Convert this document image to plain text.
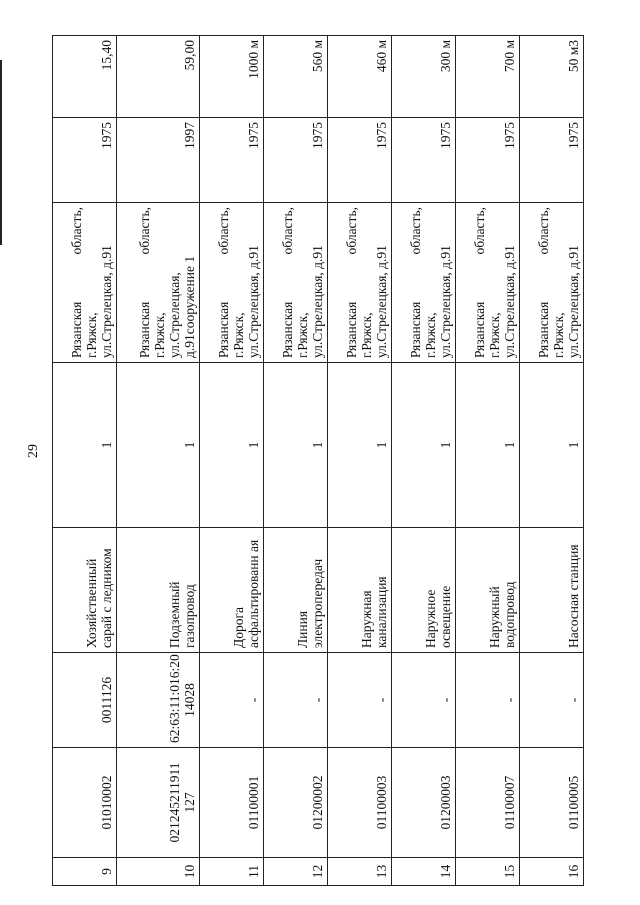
29
9	01010002	0011126	Хозяйственный сарай с ледником	1	Рязанская область, г.Ряжск, ул.Стрелецкая, д.91	1975	15,40
10	021245211911 127	62:63:11:016:20 14028	Подземный газопровод	1	Рязанская область, г.Ряжск, ул.Стрелецкая, д.91сооружение 1	1997	59,00
11	01100001	-	Дорога асфальтированн ая	1	Рязанская область, г.Ряжск, ул.Стрелецкая, д.91	1975	1000 м
12	01200002	-	Линия электропередач	1	Рязанская область, г.Ряжск, ул.Стрелецкая, д.91	1975	560 м
13	01100003	-	Наружная канализация	1	Рязанская область, г.Ряжск, ул.Стрелецкая, д.91	1975	460 м
14	01200003	-	Наружное освещение	1	Рязанская область, г.Ряжск, ул.Стрелецкая, д.91	1975	300 м
15	01100007	-	Наружный водопровод	1	Рязанская область, г.Ряжск, ул.Стрелецкая, д.91	1975	700 м
16	01100005	-	Насосная станция	1	Рязанская область, г.Ряжск, ул.Стрелецкая, д.91	1975	50 м3
